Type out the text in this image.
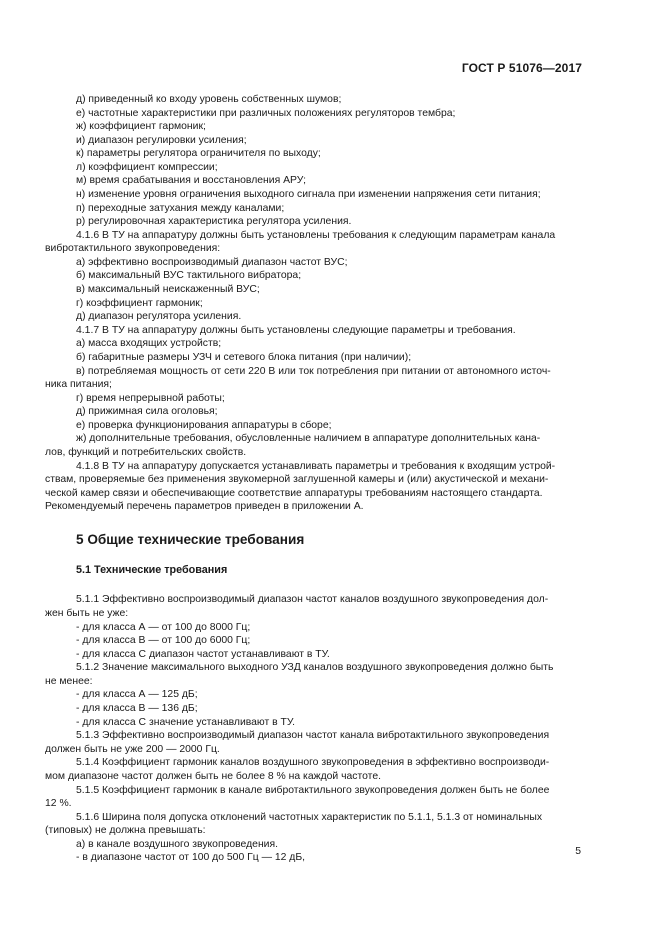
ГОСТ Р 51076—2017
д) приведенный ко входу уровень собственных шумов;
е) частотные характеристики при различных положениях регуляторов тембра;
ж) коэффициент гармоник;
и) диапазон регулировки усиления;
к) параметры регулятора ограничителя по выходу;
л) коэффициент компрессии;
м) время срабатывания и восстановления АРУ;
н) изменение уровня ограничения выходного сигнала при изменении напряжения сети питания;
п) переходные затухания между каналами;
р) регулировочная характеристика регулятора усиления.
4.1.6 В ТУ на аппаратуру должны быть установлены требования к следующим параметрам канала
вибротактильного звукопроведения:
а) эффективно воспроизводимый диапазон частот ВУС;
б) максимальный ВУС тактильного вибратора;
в) максимальный неискаженный ВУС;
г) коэффициент гармоник;
д) диапазон регулятора усиления.
4.1.7 В ТУ на аппаратуру должны быть установлены следующие параметры и требования.
а) масса входящих устройств;
б) габаритные размеры УЗЧ и сетевого блока питания (при наличии);
в) потребляемая мощность от сети 220 В или ток потребления при питании от автономного источ-
ника питания;
г) время непрерывной работы;
д) прижимная сила оголовья;
е) проверка функционирования аппаратуры в сборе;
ж) дополнительные требования, обусловленные наличием в аппаратуре дополнительных кана-
лов, функций и потребительских свойств.
4.1.8 В ТУ на аппаратуру допускается устанавливать параметры и требования к входящим устрой-
ствам, проверяемые без применения звукомерной заглушенной камеры и (или) акустической и механи-
ческой камер связи и обеспечивающие соответствие аппаратуры требованиям настоящего стандарта.
Рекомендуемый перечень параметров приведен в приложении А.
5 Общие технические требования
5.1 Технические требования
5.1.1 Эффективно воспроизводимый диапазон частот каналов воздушного звукопроведения дол-
жен быть не уже:
- для класса А — от 100 до 8000 Гц;
- для класса В — от 100 до 6000 Гц;
- для класса С диапазон частот устанавливают в ТУ.
5.1.2 Значение максимального выходного УЗД каналов воздушного звукопроведения должно быть
не менее:
- для класса А — 125 дБ;
- для класса В — 136 дБ;
- для класса С значение устанавливают в ТУ.
5.1.3 Эффективно воспроизводимый диапазон частот канала вибротактильного звукопроведения
должен быть не уже 200 — 2000 Гц.
5.1.4 Коэффициент гармоник каналов воздушного звукопроведения в эффективно воспроизводи-
мом диапазоне частот должен быть не более 8 % на каждой частоте.
5.1.5 Коэффициент гармоник в канале вибротактильного звукопроведения должен быть не более
12 %.
5.1.6 Ширина поля допуска отклонений частотных характеристик по 5.1.1, 5.1.3 от номинальных
(типовых) не должна превышать:
а) в канале воздушного звукопроведения.
- в диапазоне частот от 100 до 500 Гц — 12 дБ,
5
